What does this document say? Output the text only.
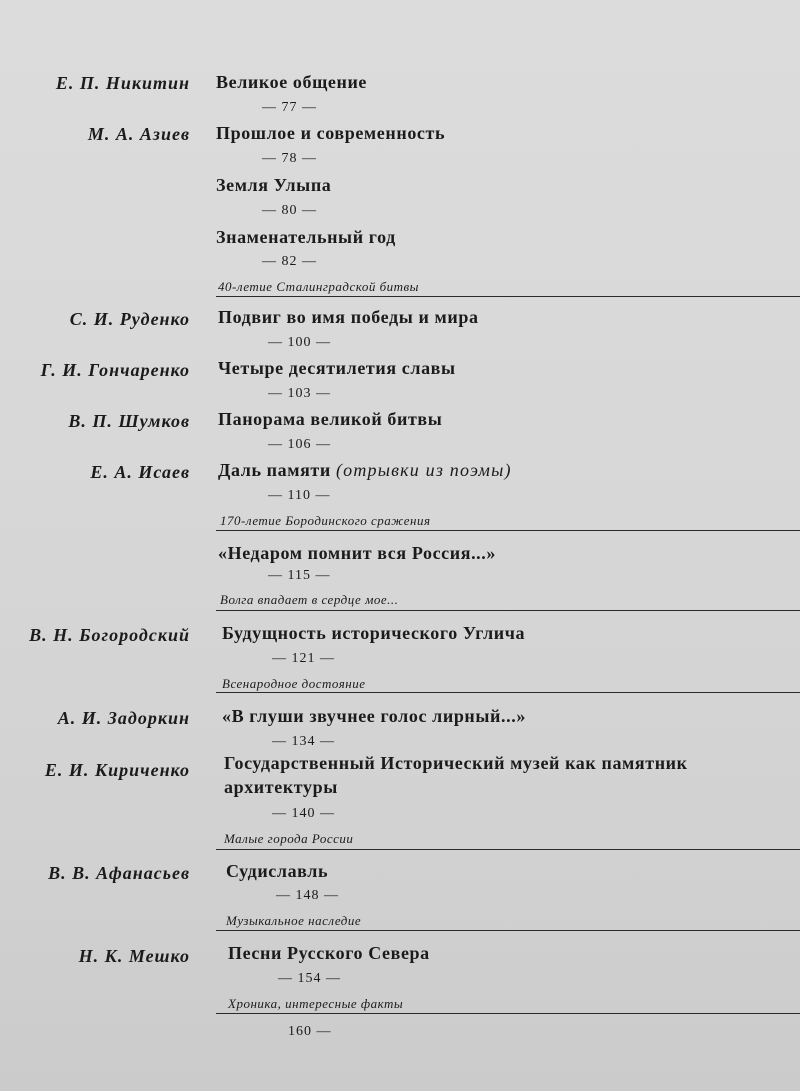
Е. П. Никитин Великое общение
— 77 —
М. А. Азиев Прошлое и современность
— 78 —
Земля Улыпа
— 80 —
Знаменательный год
— 82 —
40-летие Сталинградской битвы
С. И. Руденко Подвиг во имя победы и мира
— 100 —
Г. И. Гончаренко Четыре десятилетия славы
— 103 —
В. П. Шумков Панорама великой битвы
— 106 —
Е. А. Исаев Даль памяти (отрывки из поэмы)
— 110 —
170-летие Бородинского сражения
«Недаром помнит вся Россия...»
— 115 —
Волга впадает в сердце мое...
В. Н. Богородский Будущность исторического Углича
— 121 —
Всенародное достояние
А. И. Задоркин «В глуши звучнее голос лирный...»
— 134 —
Е. И. Кириченко Государственный Исторический музей как памятник
архитектуры
— 140 —
Малые города России
В. В. Афанасьев Судиславль
— 148 —
Музыкальное наследие
Н. К. Мешко Песни Русского Севера
— 154 —
Хроника, интересные факты
160 —
